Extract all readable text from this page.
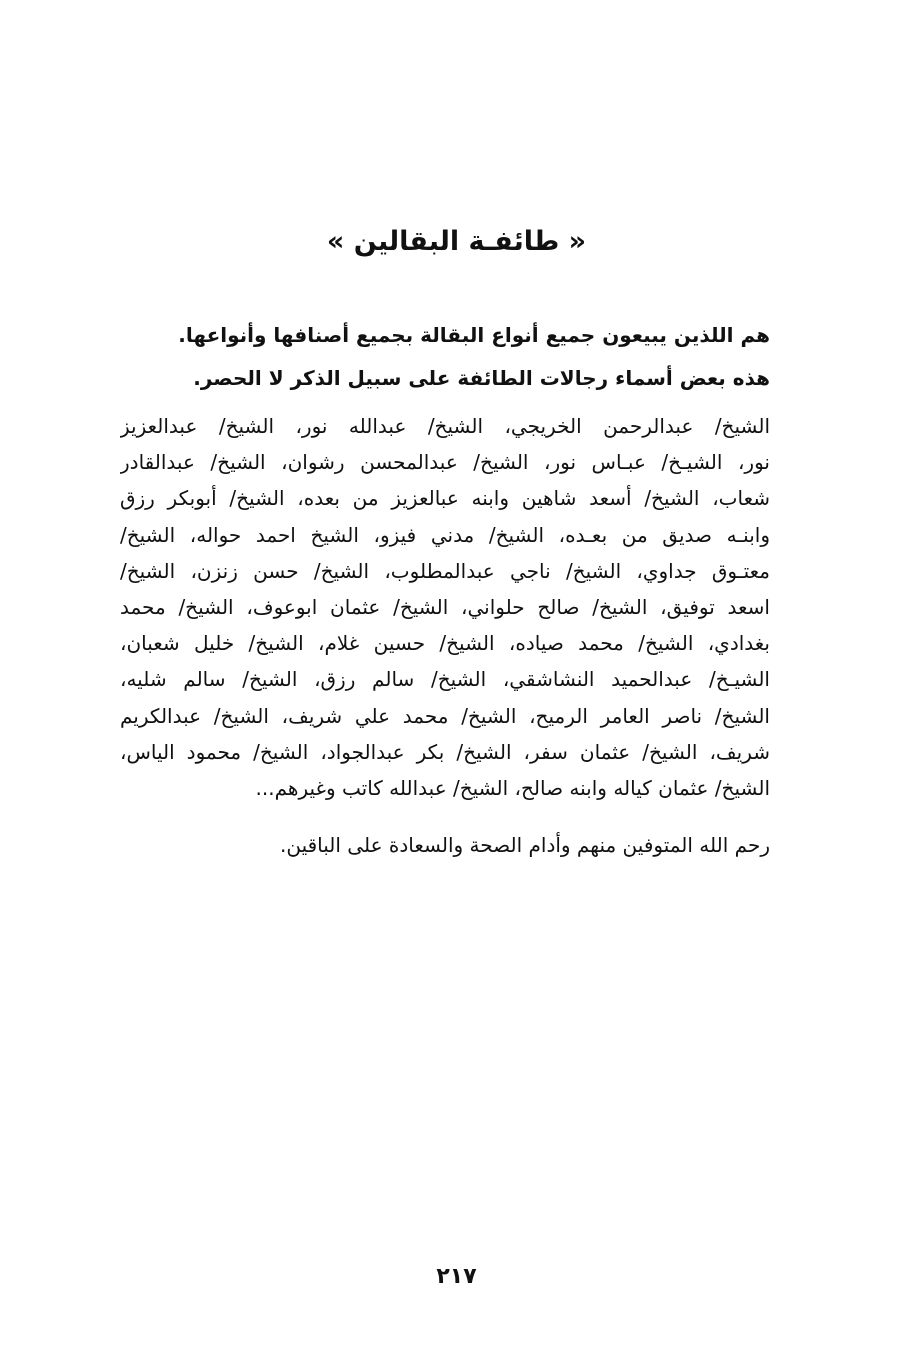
« طائفـة البقالين »
هم اللذين يبيعون جميع أنواع البقالة بجميع أصنافها وأنواعها.
هذه بعض أسماء رجالات الطائفة على سبيل الذكر لا الحصر.
الشيخ/ عبدالرحمن الخريجي، الشيخ/ عبدالله نور، الشيخ/ عبدالعزيز
نور، الشيـخ/ عبـاس نور، الشيخ/ عبدالمحسن رشوان، الشيخ/ عبدالقادر
شعاب، الشيخ/ أسعد شاهين وابنه عبالعزيز من بعده، الشيخ/ أبوبكر رزق
وابنـه صديق من بعـده، الشيخ/ مدني فيزو، الشيخ احمد حواله، الشيخ/
معتـوق جداوي، الشيخ/ ناجي عبدالمطلوب، الشيخ/ حسن زنزن، الشيخ/
اسعد توفيق، الشيخ/ صالح حلواني، الشيخ/ عثمان ابوعوف، الشيخ/ محمد
بغدادي، الشيخ/ محمد صياده، الشيخ/ حسين غلام، الشيخ/ خليل شعبان،
الشيـخ/ عبدالحميد النشاشقي، الشيخ/ سالم رزق، الشيخ/ سالم شليه،
الشيخ/ ناصر العامر الرميح، الشيخ/ محمد علي شريف، الشيخ/ عبدالكريم
شريف، الشيخ/ عثمان سفر، الشيخ/ بكر عبدالجواد، الشيخ/ محمود الياس،
الشيخ/ عثمان كياله وابنه صالح، الشيخ/ عبدالله كاتب وغيرهم...
رحم الله المتوفين منهم وأدام الصحة والسعادة على الباقين.
٢١٧
